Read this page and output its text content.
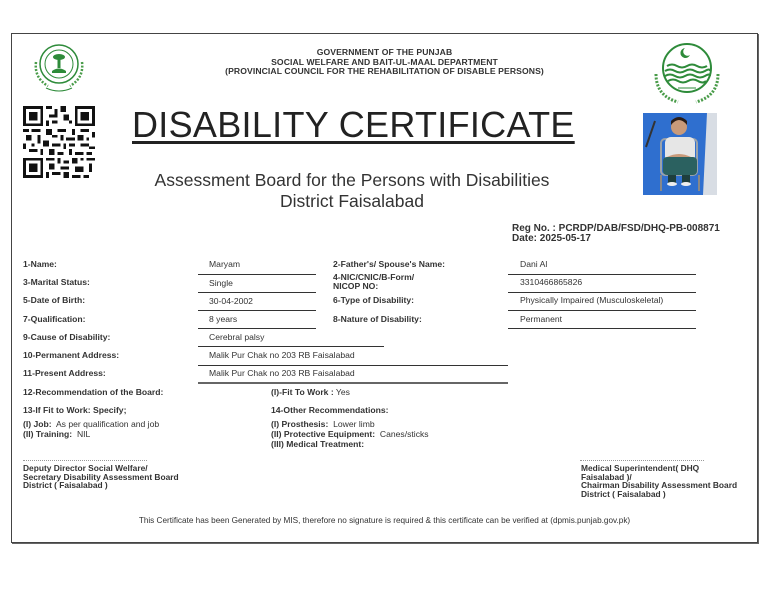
GOVERNMENT OF THE PUNJAB
SOCIAL WELFARE AND BAIT-UL-MAAL DEPARTMENT
(PROVINCIAL COUNCIL FOR THE REHABILITATION OF DISABLE PERSONS)
DISABILITY CERTIFICATE
Assessment Board for the Persons with Disabilities
District Faisalabad
Reg No. : PCRDP/DAB/FSD/DHQ-PB-008871
Date: 2025-05-17
1-Name:	Maryam	2-Father's/ Spouse's Name:	Dani Al
3-Marital Status:	Single
4-NIC/CNIC/B-Form/
NICOP NO:	3310466865826
5-Date of Birth:	30-04-2002	6-Type of Disability:	Physically Impaired (Musculoskeletal)
7-Qualification:	8 years	8-Nature of Disability:	Permanent
9-Cause of Disability:	Cerebral palsy
10-Permanent Address:	Malik Pur Chak no 203 RB Faisalabad
11-Present Address:	Malik Pur Chak no 203 RB Faisalabad
12-Recommendation of the Board:	(I)-Fit To Work : Yes
13-If Fit to Work: Specify;
(I) Job: As per qualification and job
(II) Training: NIL
14-Other Recommendations:
(I) Prosthesis: Lower limb
(II) Protective Equipment: Canes/sticks
(III) Medical Treatment:
Deputy Director Social Welfare/
Secretary Disability Assessment Board
District ( Faisalabad )
Medical Superintendent( DHQ
Faisalabad )/
Chairman Disability Assessment Board
District ( Faisalabad )
This Certificate has been Generated by MIS, therefore no signature is required & this certificate can be verified at (dpmis.punjab.gov.pk)
